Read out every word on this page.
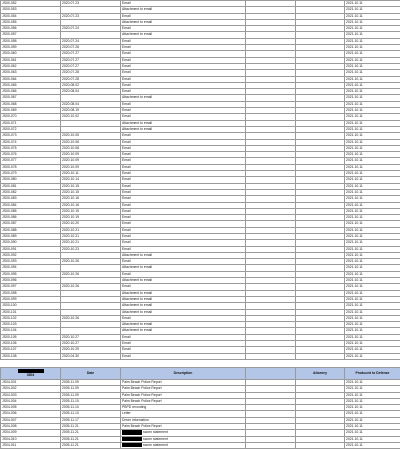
JS00-052	2020.07.23	Email			2021.10.11
JS00-053		Attachment to email			2021.10.11
JS00-054	2020.07.23	Email			2021.10.11
JS00-055		Attachment to email			2021.10.11
JS00-056	2020.07.24	Email			2021.10.11
JS00-057		Attachment to email			2021.10.11
JS00-058	2020.07.24	Email			2021.10.11
JS00-059	2020.07.26	Email			2021.10.11
JS00-060	2020.07.27	Email			2021.10.11
JS00-061	2020.07.27	Email			2021.10.11
JS00-062	2020.07.27	Email			2021.10.11
JS00-063	2020.07.28	Email			2021.10.11
JS00-064	2020.07.28	Email			2021.10.11
JS00-065	2020.08.02	Email			2021.10.11
JS00-066	2020.08.04	Email			2021.10.11
JS00-067		Attachment to email			2021.10.11
JS00-068	2020.08.04	Email			2021.10.11
JS00-069	2020.08.19	Email			2021.10.11
JS00-070	2020.10.02	Email			2021.10.11
JS00-071		Attachment to email			2021.10.11
JS00-072		Attachment to email			2021.10.11
JS00-073	2020.10.05	Email			2021.10.11
JS00-074	2020.10.06	Email			2021.10.11
JS00-075	2020.10.08	Email			2021.10.11
JS00-076	2020.10.09	Email			2021.10.11
JS00-077	2020.10.09	Email			2021.10.11
JS00-078	2020.10.09	Email			2021.10.11
JS00-079	2020.10.11	Email			2021.10.11
JS00-080	2020.10.14	Email			2021.10.11
JS00-081	2020.10.15	Email			2021.10.11
JS00-082	2020.10.15	Email			2021.10.11
JS00-083	2020.10.16	Email			2021.10.11
JS00-084	2020.10.16	Email			2021.10.11
JS00-085	2020.10.19	Email			2021.10.11
JS00-086	2020.10.19	Email			2021.10.11
JS00-087	2020.10.20	Email			2021.10.11
JS00-088	2020.10.21	Email			2021.10.11
JS00-089	2020.10.21	Email			2021.10.11
JS00-090	2020.10.21	Email			2021.10.11
JS00-091	2020.10.23	Email			2021.10.11
JS00-092		Attachment to email			2021.10.11
JS00-093	2020.10.26	Email			2021.10.11
JS00-094		Attachment to email			2021.10.11
JS00-095	2020.10.26	Email			2021.10.11
JS00-096		Attachment to email			2021.10.11
JS00-097	2020.10.26	Email			2021.10.11
JS00-098		Attachment to email			2021.10.11
JS00-099		Attachment to email			2021.10.11
JS00-100		Attachment to email			2021.10.11
JS00-101		Attachment to email			2021.10.11
JS00-102	2020.10.26	Email			2021.10.11
JS00-103		Attachment to email			2021.10.11
JS00-104		Attachment to email			2021.10.11
JS00-105	2020.10.27	Email			2021.10.11
JS00-106	2020.10.27	Email			2021.10.11
JS00-107	2020.10.29	Email			2021.10.11
JS00-108	2020.04.30	Email			2021.10.11

3504	Date	Description		Attorney	Produced to Defense
JS04-001	2005.11.09	Palm Beach Police Report			2021.10.11
JS04-002	2005.11.09	Palm Beach Police Report			2021.10.11
JS04-003	2005.11.09	Palm Beach Police Report			2021.10.11
JS04-004	2005.11.10	Palm Beach Police Report			2021.10.11
JS04-005	2005.11.10	PBPD recording			2021.10.11
JS04-006	2005.11.10	Letter			2021.10.11
JS04-007	2005.11.17	Driver information			2021.10.11
JS04-008	2005.11.21	Palm Beach Police Report			2021.10.11
JS04-009	2005.11.21	sworn statement			2021.10.11
JS04-010	2005.11.21	sworn statement			2021.10.11
JS04-011	2005.11.21	sworn statement			2021.10.11
